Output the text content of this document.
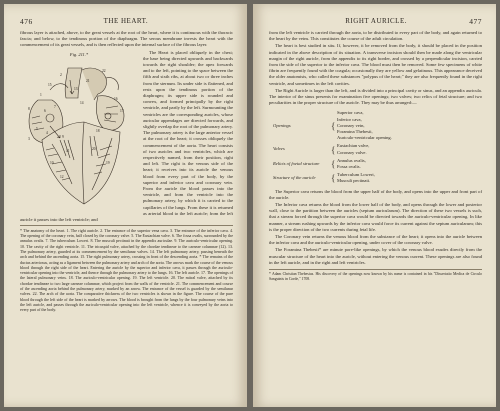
476	THE HEART.

fibrous layer is attached, above, to the great vessels at the root of the heart, where it is continuous with the thoracic fascia; and below, to the tendinous portion of the diaphragm. The serous membrane invests the heart with the commencement of its great vessels, and is then reflected upon the internal surface of the fibrous layer.

Fig. 211.*
1
2
3
4
5
6
7
8
9
10
11
12
13
14
15
16
17
18
19
20
21
22

The Heart is placed obliquely in the chest; the base being directed upwards and backwards towards the right shoulder; the apex forwards and to the left, pointing to the space between the fifth and sixth ribs, at about two or three inches from the sternum. Its under side is flattened, and rests upon the tendinous portion of the diaphragm; its upper side is rounded and convex, and formed principally by the right ventricle, and partly by the left. Surmounting the ventricles are the corresponding auricles, whose auricular appendages are directed forwards, and slightly overlap the root of the pulmonary artery. The pulmonary artery is the large anterior vessel at the root of the heart; it crosses obliquely the commencement of the aorta. The heart consists of two auricles and two ventricles, which are respectively named, from their position, right and left. The right is the venous side of the heart; it receives into its auricle the venous blood from every part of the body, by the superior and inferior cava and coronary vein. From the auricle the blood passes into the ventricle, and from the ventricle into the pulmonary artery, by which it is carried to the capillaries of the lungs. From these it is returned as arterial blood to the left auricle; from the left auricle it passes into the left ventricle; and

* The anatomy of the heart. 1. The right auricle. 2. The entrance of the superior vena cava. 3. The entrance of the inferior cava. 4. The opening of the coronary vein, half closed by the coronary valve. 5. The Eustachian valve. 6. The fossa ovalis, surrounded by the annulus ovalis. 7. The tuberculum Loweri. 8. The musculi pectinati in the appendix auriculae. 9. The auriculo-ventricular opening. 10. The cavity of the right ventricle. 11. The tricuspid valve, attached by the chordae tendineae to the carneae columnae (12). 13. The pulmonary artery, guarded at its commencement by the semilunar valves. 14. The left pulmonary artery, passing beneath the arch and behind the ascending aorta. 15. The right pulmonary artery, crossing in front of the descending aorta. * The remains of the ductus arteriosus, acting as a ligament between the pulmonary artery and arch of the aorta. The arrows mark the course of the venous blood through the right side of the heart. Entering the auricle by the superior and inferior cava, it passes through the auriculo-ventricular opening into the ventricle, and thence through the pulmonary artery to the lungs. 16. The left auricle. 17. The openings of the lateral pulmonary veins. 18. The auriculo-ventricular opening. 19. The left ventricle. 20. The mitral valve, attached by its chordae tendineae to two large carneae columnae, which project from the walls of the ventricle. 21. The commencement and course of the ascending aorta behind the pulmonary artery, marked by an arrow. The entrance of the vessel is guarded by the semilunar valves. 22. The arch of the aorta. The comparative thickness of the two ventricles is shown in the figure. The course of the pure blood through the left side of the heart is marked by arrows. The blood is brought from the lungs by the four pulmonary veins into the left auricle, and passes through the auriculo-ventricular opening into the left ventricle, whence it is conveyed by the aorta to every part of the body.

RIGHT AURICLE.	477

from the left ventricle is carried through the aorta, to be distributed to every part of the body, and again returned to the heart by the veins. This constitutes the course of the adult circulation.

The heart is best studied in situ. If, however, it be removed from the body, it should be placed in the position indicated in the above description of its situation. A transverse incision should then be made along the ventricular margin of the right auricle, from the appendix to its right border, and crossed by a perpendicular incision, carried from the side of the superior to the inferior cava. The blood must then be removed. Some few specimens of white fibrin are frequently found with the coagula; occasionally they are yellow and gelatinous. This appearance deceived the older anatomists, who called these substances "polypus of the heart;" they are also frequently found in the right ventricle, and sometimes in the left cavities.

The Right Auricle is larger than the left, and is divided into a principal cavity or sinus, and an appendix auricula. The interior of the sinus presents for examination five openings; two valves; two relics of fetal structure; and two peculiarities in the proper structure of the auricle. They may be thus arranged:—

Openings	{
Superior cava,
Inferior cava,
Coronary vein,
Foramina Thebesii,
Auriculo-ventricular opening.
Valves	{ Eustachian valve,
Coronary valve.
Relicts of foetal structure	{ Annulus ovalis,
Fossa ovalis.
Structure of the auricle	{ Tuberculum Loweri,
Musculi pectinati.

The Superior cava returns the blood from the upper half of the body, and opens into the upper and front part of the auricle.

The Inferior cava returns the blood from the lower half of the body, and opens through the lower and posterior wall, close to the partition between the auricles (septum auricularum). The direction of these two vessels is such, that a stream forced through the superior cava would be directed towards the auriculo-ventricular opening. In like manner, a stream rushing upwards by the inferior cava would force its current against the septum auricularum; this is the proper direction of the two currents during fetal life.

The Coronary vein returns the venous blood from the substance of the heart; it opens into the auricle between the inferior cava and the auriculo-ventricular opening, under cover of the coronary valve.

The Foramina Thebesii* are minute pore-like openings, by which the venous blood exudes directly from the muscular structure of the heart into the auricle, without entering the venous current. These openings are also found in the left auricle, and in the right and left ventricles.

* Adam Christian Thebesius. His discovery of the openings now known by his name is contained in his "Dissertatio Medica de Circulo Sanguinis in Corde," 1708.
